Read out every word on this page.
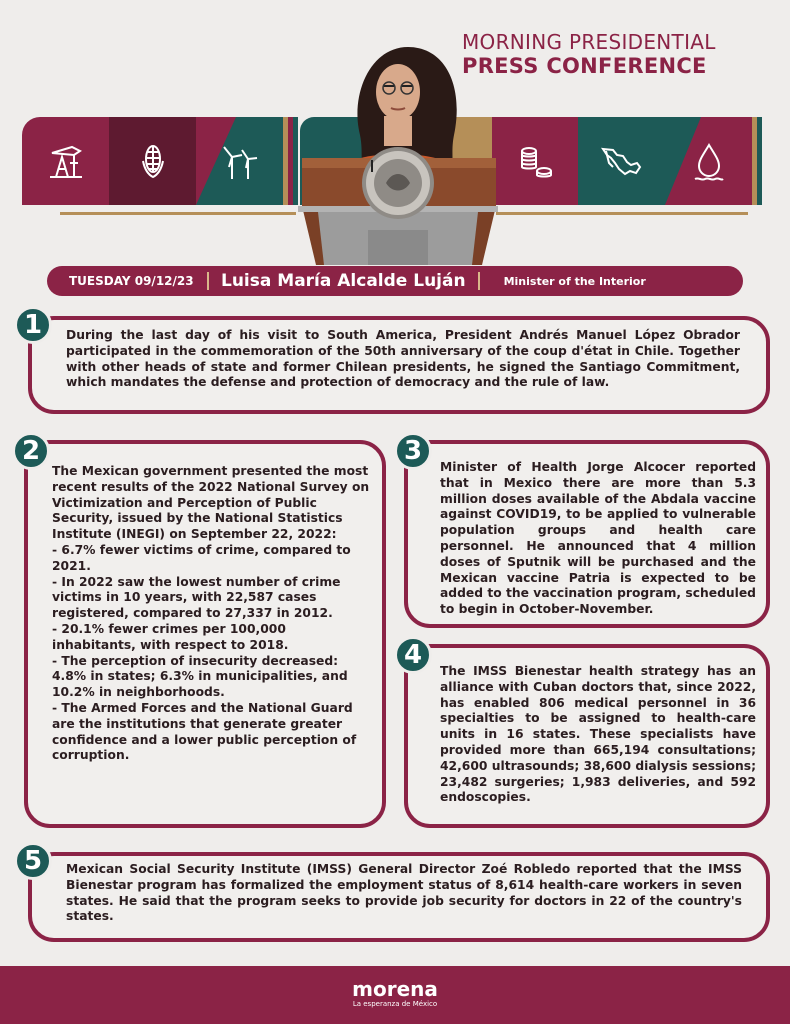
MORNING PRESIDENTIAL
PRESS CONFERENCE
TUESDAY 09/12/23	Luisa María Alcalde Luján	Minister of the Interior

During the last day of his visit to South America, President Andrés Manuel López Obrador participated in the commemoration of the 50th anniversary of the coup d'état in Chile. Together with other heads of state and former Chilean presidents, he signed the Santiago Commitment, which mandates the defense and protection of democracy and the rule of law.

1

The Mexican government presented the most recent results of the 2022 National Survey on Victimization and Perception of Public Security, issued by the National Statistics Institute (INEGI) on September 22, 2022:
- 6.7% fewer victims of crime, compared to 2021.
- In 2022 saw the lowest number of crime victims in 10 years, with 22,587 cases registered, compared to 27,337 in 2012.
- 20.1% fewer crimes per 100,000 inhabitants, with respect to 2018.
- The perception of insecurity decreased: 4.8% in states; 6.3% in municipalities, and 10.2% in neighborhoods.
- The Armed Forces and the National Guard are the institutions that generate greater confidence and a lower public perception of corruption.

2

Minister of Health Jorge Alcocer reported that in Mexico there are more than 5.3 million doses available of the Abdala vaccine against COVID19, to be applied to vulnerable population groups and health care personnel. He announced that 4 million doses of Sputnik will be purchased and the Mexican vaccine Patria is expected to be added to the vaccination program, scheduled to begin in October-November.

3

The IMSS Bienestar health strategy has an alliance with Cuban doctors that, since 2022, has enabled 806 medical personnel in 36 specialties to be assigned to health-care units in 16 states. These specialists have provided more than 665,194 consultations; 42,600 ultrasounds; 38,600 dialysis sessions; 23,482 surgeries; 1,983 deliveries, and 592 endoscopies.

4

Mexican Social Security Institute (IMSS) General Director Zoé Robledo reported that the IMSS Bienestar program has formalized the employment status of 8,614 health-care workers in seven states. He said that the program seeks to provide job security for doctors in 22 of the country's states.

5
morena
La esperanza de México
